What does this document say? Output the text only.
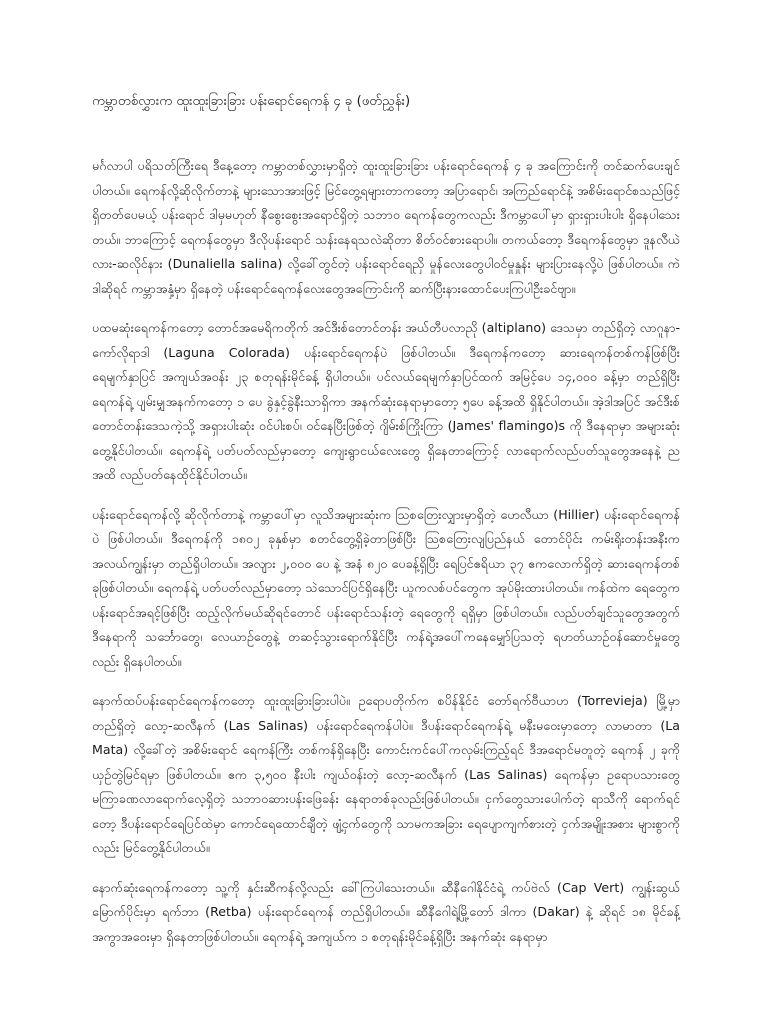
ကမ္ဘာတစ်လွှားက ထူးထူးခြားခြား ပန်းရောင်ရေကန် ၄ ခု (ဖတ်ညွှန်း)

မင်္ဂလာပါ ပရိသတ်ကြီးရေ ဒီနေ့တော့ ကမ္ဘာတစ်လွှားမှာရှိတဲ့ ထူးထူးခြားခြား ပန်းရောင်ရေကန် ၄ ခု အကြောင်းကို တင်ဆက်ပေးချင်ပါတယ်။ ရေကန်လို့ဆိုလိုက်တာနဲ့ များသောအားဖြင့် မြင်တွေ့ရများတာကတော့ အပြာရောင်၊ အကြည်ရောင်နဲ့ အစိမ်းရောင်စသည်ဖြင့် ရှိတတ်ပေမယ့် ပန်းရောင် ဒါမှမဟုတ် နီစွေးစွေးအရောင်ရှိတဲ့ သဘာဝ ရေကန်တွေကလည်း ဒီကမ္ဘာပေါ်မှာ ရှားရှားပါးပါး ရှိနေပါသေးတယ်။ ဘာကြောင့် ရေကန်တွေမှာ ဒီလိုပန်းရောင် သန်းနေရသလဲဆိုတာ စိတ်ဝင်စားရောပါ။ တကယ်တော့ ဒီရေကန်တွေမှာ ဒူနလီယဲလား-ဆလိုင်နား (Dunaliella salina) လို့ခေါ်တွင်တဲ့ ပန်းရောင်ရေညှိ မှုန်လေးတွေပါဝင်မှုနှုန်း များပြားနေလို့ပဲ ဖြစ်ပါတယ်။ ကဲဒါဆိုရင် ကမ္ဘာအနှံ့မှာ ရှိနေတဲ့ ပန်းရောင်ရေကန်လေးတွေအကြောင်းကို ဆက်ပြီးနားထောင်ပေးကြပါဦးခင်ဗျာ။

ပထမဆုံးရေကန်ကတော့ တောင်အမေရိကတိုက် အင်ဒီးစ်တောင်တန်း အယ်တီပလာညို (altiplano) ဒေသမှာ တည်ရှိတဲ့ လာဂူနာ-ကော်လိုရာဒါ (Laguna Colorada) ပန်းရောင်ရေကန်ပဲ ဖြစ်ပါတယ်။ ဒီရေကန်ကတော့ ဆားရေကန်တစ်ကန်ဖြစ်ပြီး ရေမျက်နှာပြင် အကျယ်အဝန်း ၂၃ စတုရန်းမိုင်ခန့် ရှိပါတယ်။ ပင်လယ်ရေမျက်နှာပြင်ထက် အမြင့်ပေ ၁၄,၀၀၀ ခန့်မှာ တည်ရှိပြီး ရေကန်ရဲ့ ပျမ်းမျှအနက်ကတော့ ၁ ပေ ခွဲနှင့်ခွဲနီးသာရှိကာ အနက်ဆုံးနေရာမှာတော့ ၅ပေ ခန့်အထိ ရှိနိုင်ပါတယ်။ အဲ့ဒါအပြင် အင်ဒီးစ်တောင်တန်းဒေသကဲ့သို့ အရှားပါးဆုံး ဝင်ပါးစပ်၊ ဝင်နေပြီးဖြစ်တဲ့ ဂျိမ်းစ်ကြိုးကြာ (James' flamingo)s ကို ဒီနေရာမှာ အများဆုံးတွေ့နိုင်ပါတယ်။ ရေကန်ရဲ့ ပတ်ပတ်လည်မှာတော့ ကျေးရွာငယ်လေးတွေ ရှိနေတာကြောင့် လာရောက်လည်ပတ်သူတွေအနေနဲ့ ညအထိ လည်ပတ်နေထိုင်နိုင်ပါတယ်။

ပန်းရောင်ရေကန်လို့ ဆိုလိုက်တာနဲ့ ကမ္ဘာပေါ်မှာ လူသိအများဆုံးက သြစတြေးလျှားမှာရှိတဲ့ ဟေလီယာ (Hillier) ပန်းရောင်ရေကန်ပဲ ဖြစ်ပါတယ်။ ဒီရေကန်ကို ၁၈၀၂ ခုနှစ်မှာ စတင်တွေ့ရှိခဲ့တာဖြစ်ပြီး သြစတြေးလျပြည်နယ် တောင်ပိုင်း ကမ်းရိုးတန်းအနီးက အလယ်ကျွန်းမှာ တည်ရှိပါတယ်။ အလျား ၂,၀၀၀ ပေ နဲ့ အနံ ၈၂၀ ပေခန့်ရှိပြီး ရေပြင်ဧရိယာ ၃၇ ဧကလောက်ရှိတဲ့ ဆားရေကန်တစ်ခုဖြစ်ပါတယ်။ ရေကန်ရဲ့ ပတ်ပတ်လည်မှာတော့ သဲသောင်ပြင်ရှိနေပြီး ယူကလစ်ပင်တွေက အုပ်မိုးထားပါတယ်။ ကန်ထဲက ရေတွေက ပန်းရောင်အရင့်ဖြစ်ပြီး ထည့်လိုက်မယ်ဆိုရင်တောင် ပန်းရောင်သန်းတဲ့ ရေတွေကို ရရှိမှာ ဖြစ်ပါတယ်။ လည်ပတ်ချင်သူတွေအတွက် ဒီနေရာကို သင်္ဘောတွေ၊ လေယာဉ်တွေနဲ့ တဆင့်သွားရောက်နိုင်ပြီး ကန်ရဲ့အပေါ်ကနေမျှော်ပြသတဲ့ ရဟတ်ယာဉ်ဝန်ဆောင်မှုတွေလည်း ရှိနေပါတယ်။

နောက်ထပ်ပန်းရောင်ရေကန်ကတော့ ထူးထူးခြားခြားပါပဲ။ ဥရောပတိုက်က စပိန်နိုင်ငံ တော်ရက်ဗီယာဟ (Torrevieja) မြို့မှာ တည်ရှိတဲ့ လော့-ဆလီနက် (Las Salinas) ပန်းရောင်ရေကန်ပါပဲ။ ဒီပန်းရောင်ရေကန်ရဲ့ မနီးမဝေးမှာတော့ လာမာတာ (La Mata) လို့ခေါ်တဲ့ အစိမ်းရောင် ရေကန်ကြီး တစ်ကန်ရှိနေပြီး ကောင်းကင်ပေါ်ကလှမ်းကြည့်ရင် ဒီအရောင်မတူတဲ့ ရေကန် ၂ ခုကို ယှဉ်တွဲမြင်ရမှာ ဖြစ်ပါတယ်။ ဧက ၃,၅၀၀ နီးပါး ကျယ်ဝန်းတဲ့ လော့-ဆလီနက် (Las Salinas) ရေကန်မှာ ဥရောပသားတွေ မကြာခဏလာရောက်လေ့ရှိတဲ့ သဘာဝဆားပန်းဖြေခန်း နေရာတစ်ခုလည်းဖြစ်ပါတယ်။ ငှက်တွေသားပေါက်တဲ့ ရာသီကို ရောက်ရင်တော့ ဒီပန်းရောင်ရေပြင်ထဲမှာ ကောင်ရေထောင်ချီတဲ့ ဖျံ့ငှက်တွေကို သာမကအခြား ရေပျောကျက်စားတဲ့ ငှက်အမျိုးအစား များစွာကိုလည်း မြင်တွေ့နိုင်ပါတယ်။

နောက်ဆုံးရေကန်ကတော့ သူ့ကို နှင်းဆီကန်လို့လည်း ခေါ်ကြပါသေးတယ်။ ဆီနီဂေါနိုင်ငံရဲ့ ကပ်ဗဲလ် (Cap Vert) ကျွန်းဆွယ်မြောက်ပိုင်းမှာ ရက်ဘာ (Retba) ပန်းရောင်ရေကန် တည်ရှိပါတယ်။ ဆီနီဂေါရဲ့မြို့တော် ဒါကာ (Dakar) နဲ့ ဆိုရင် ၁၈ မိုင်ခန့် အကွာအဝေးမှာ ရှိနေတာဖြစ်ပါတယ်။ ရေကန်ရဲ့ အကျယ်က ၁ စတုရန်းမိုင်ခန့်ရှိပြီး အနက်ဆုံး နေရာမှာ
